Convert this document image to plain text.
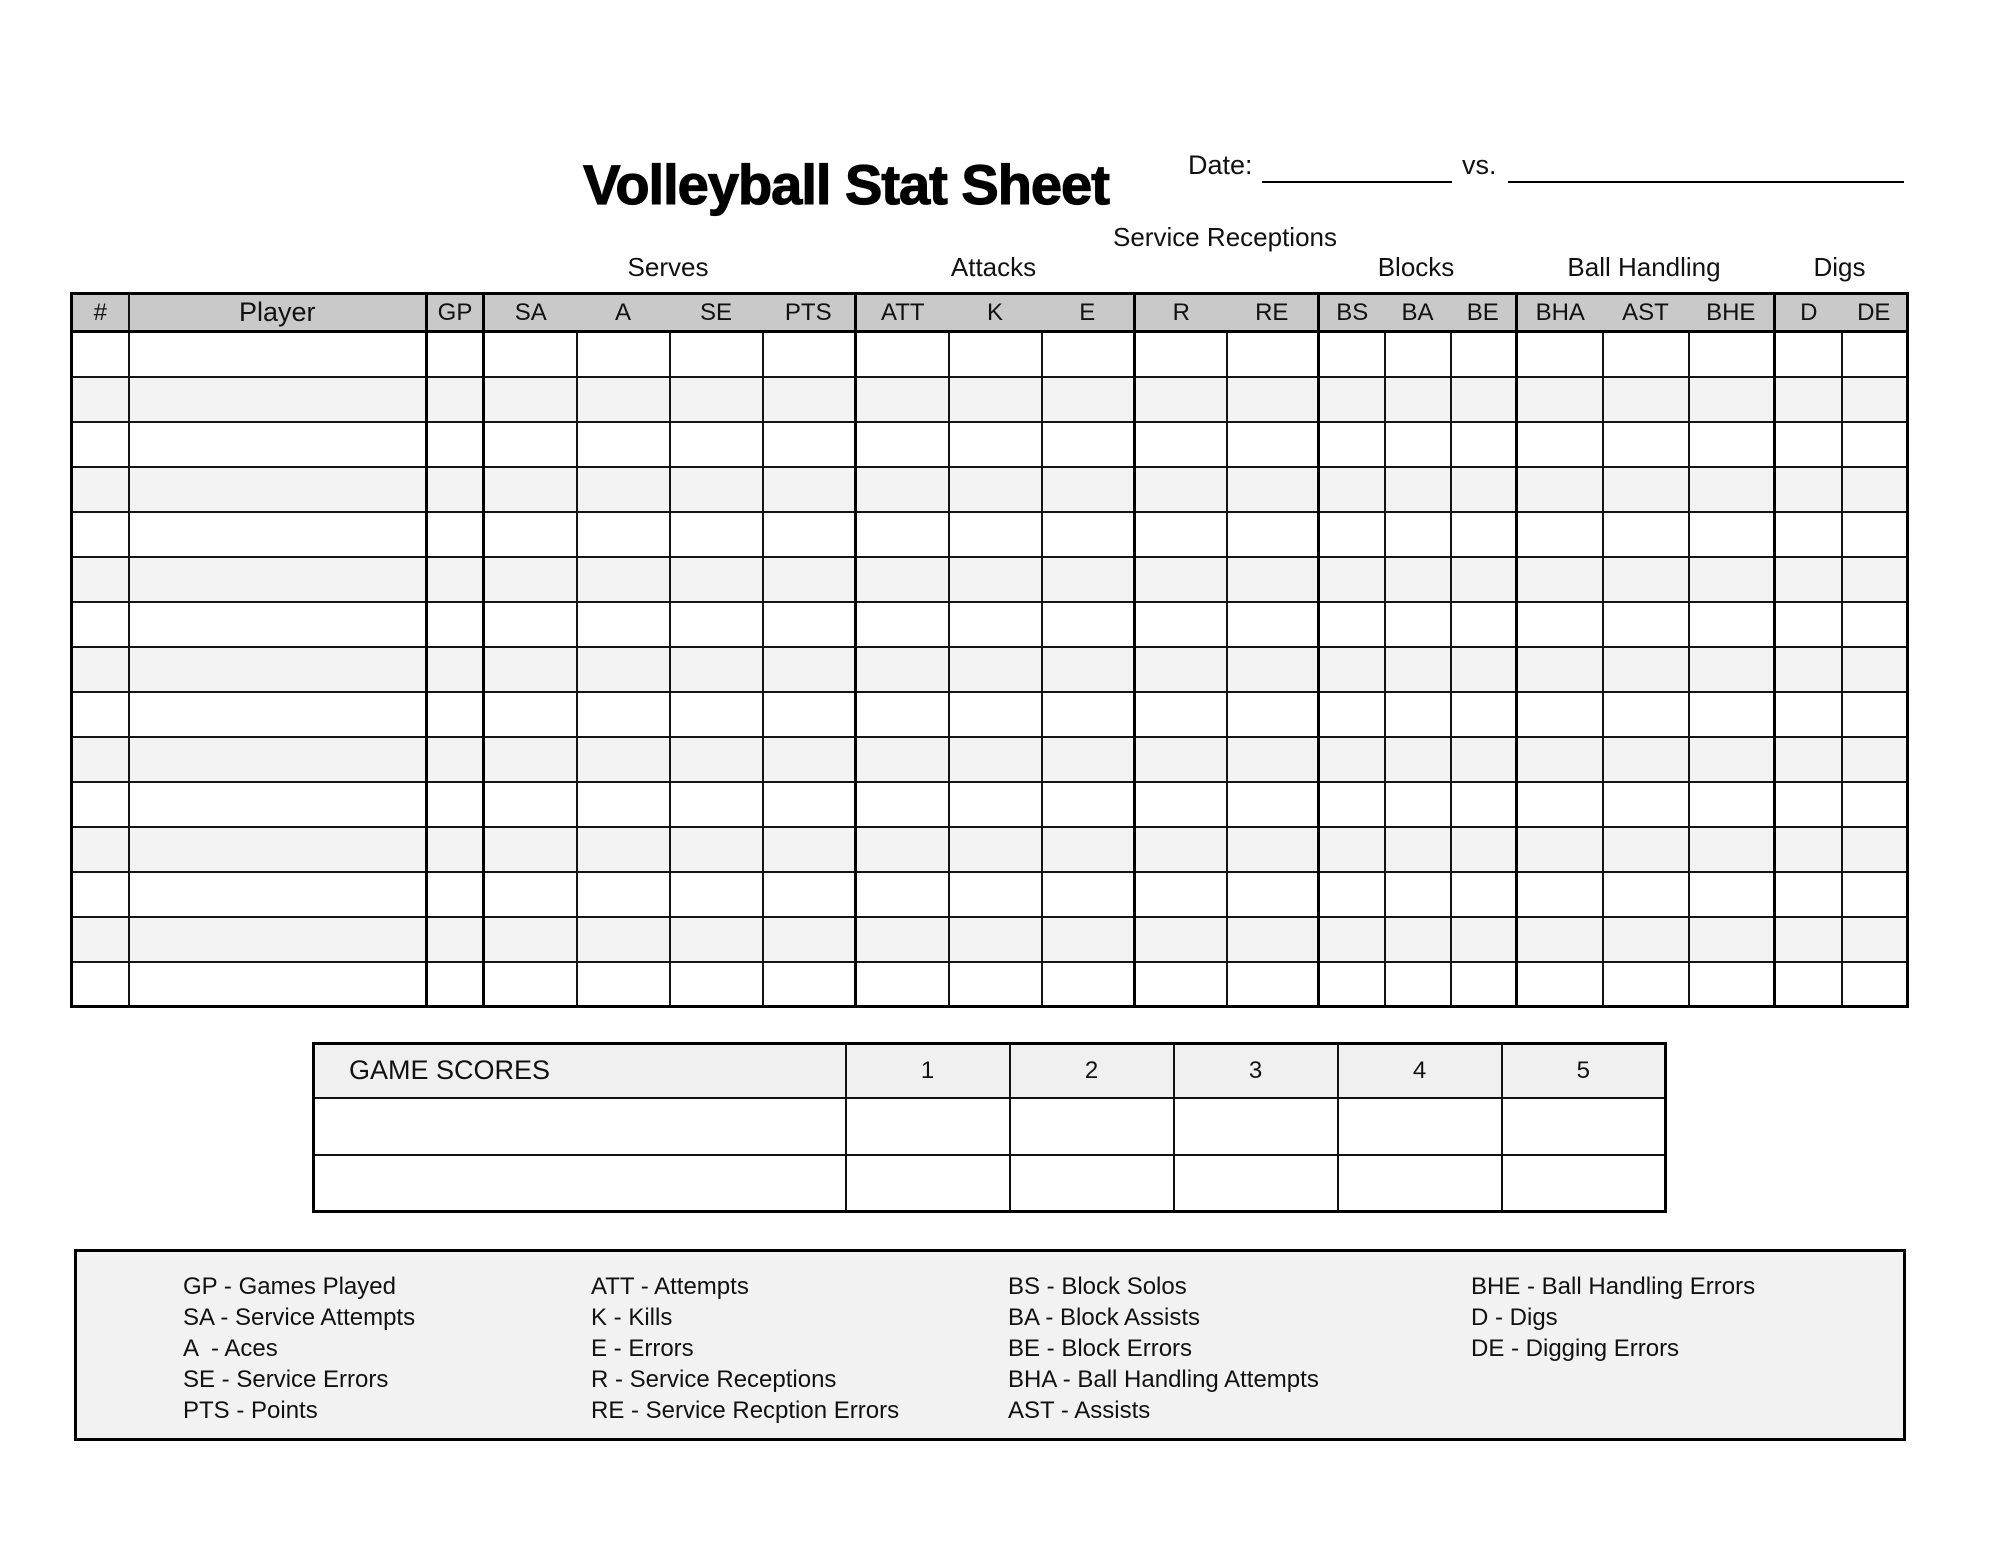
Volleyball Stat Sheet	Date:	vs.
Serves	Attacks
Service Receptions
Blocks	Ball Handling	Digs
#	Player	GP	SA	A	SE	PTS	ATT	K	E	R	RE	BS	BA	BE	BHA	AST	BHE	D	DE

GAME SCORES	1	2	3	4	5

GP - Games Played
SA - Service Attempts
A  - Aces
SE - Service Errors
PTS - Points
ATT - Attempts
K - Kills
E - Errors
R - Service Receptions
RE - Service Recption Errors
BS - Block Solos
BA - Block Assists
BE - Block Errors
BHA - Ball Handling Attempts
AST - Assists
BHE - Ball Handling Errors
D - Digs
DE - Digging Errors
